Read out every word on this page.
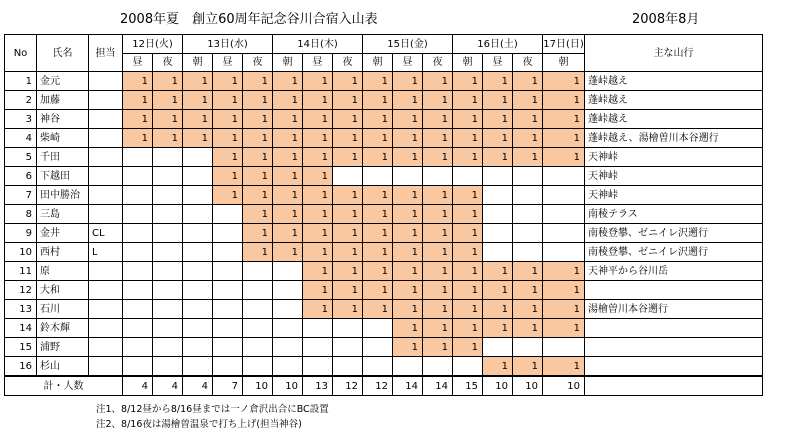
2008年夏　創立60周年記念谷川合宿入山表	2008年8月
No	氏名	担当	12日(火)		13日(水)			14日(木)			15日(金)			16日(土)			17日(日)	主な山行
			昼	夜	朝	昼	夜	朝	昼	夜	朝	昼	夜	朝	昼	夜	朝	
1	金元		1	1	1	1	1	1	1	1	1	1	1	1	1	1	1	蓬峠越え
2	加藤		1	1	1	1	1	1	1	1	1	1	1	1	1	1	1	蓬峠越え
3	神谷		1	1	1	1	1	1	1	1	1	1	1	1	1	1	1	蓬峠越え
4	柴崎		1	1	1	1	1	1	1	1	1	1	1	1	1	1	1	蓬峠越え、湯檜曽川本谷遡行
5	千田					1	1	1	1	1	1	1	1	1	1	1	1	天神峠
6	下越田					1	1	1	1									天神峠
7	田中勝治					1	1	1	1	1	1	1	1	1				天神峠
8	三島						1	1	1	1	1	1	1	1				南稜テラス
9	金井	CL					1	1	1	1	1	1	1	1				南稜登攀、ゼニイレ沢遡行
10	西村	L					1	1	1	1	1	1	1	1				南稜登攀、ゼニイレ沢遡行
11	原								1	1	1	1	1	1	1	1	1	天神平から谷川岳
12	大和								1	1	1	1	1	1	1	1	1	
13	石川								1	1	1	1	1	1	1	1	1	湯檜曽川本谷遡行
14	鈴木輝											1	1	1	1	1	1	
15	浦野											1	1	1				
16	杉山														1	1	1	
計・人数			4	4	4	7	10	10	13	12	12	14	14	15	10	10	10	
注1、8/12昼から8/16昼までは一ノ倉沢出合にBC設置
注2、8/16夜は湯檜曽温泉で打ち上げ(担当神谷)
